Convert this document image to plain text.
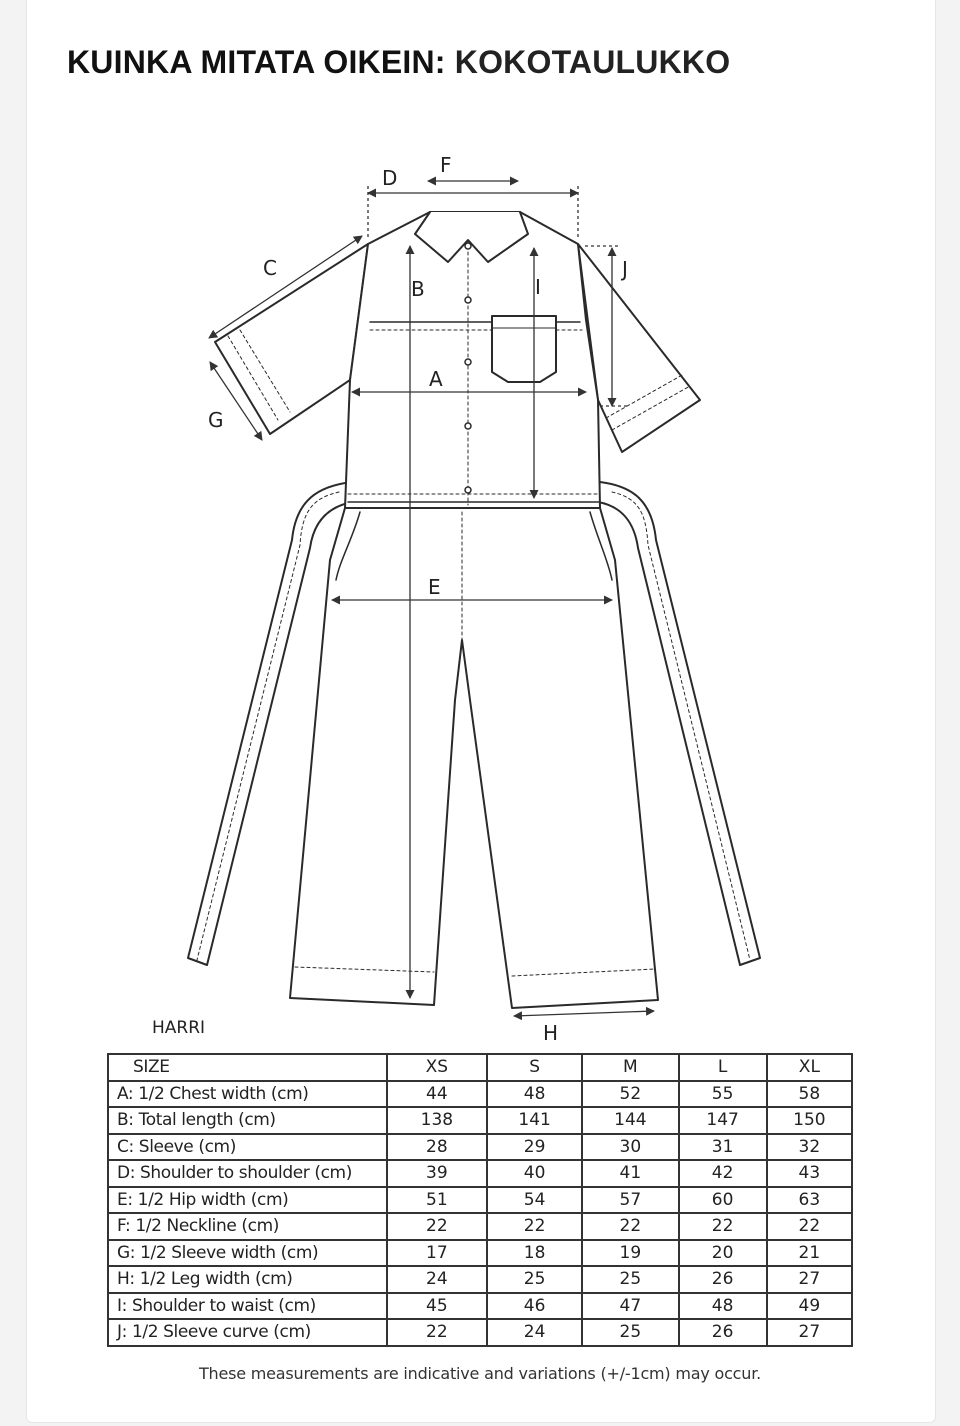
KUINKA MITATA OIKEIN: KOKOTAULUKKO
D
F
C
B	I
J
A
G
E
H
HARRI
SIZE	XS	S	M	L	XL
A: 1/2 Chest width (cm)	44	48	52	55	58
B: Total length (cm)	138	141	144	147	150
C: Sleeve (cm)	28	29	30	31	32
D: Shoulder to shoulder (cm)	39	40	41	42	43
E: 1/2 Hip width (cm)	51	54	57	60	63
F: 1/2 Neckline (cm)	22	22	22	22	22
G: 1/2 Sleeve width (cm)	17	18	19	20	21
H: 1/2 Leg width (cm)	24	25	25	26	27
I: Shoulder to waist (cm)	45	46	47	48	49
J: 1/2 Sleeve curve (cm)	22	24	25	26	27
These measurements are indicative and variations (+/-1cm) may occur.
